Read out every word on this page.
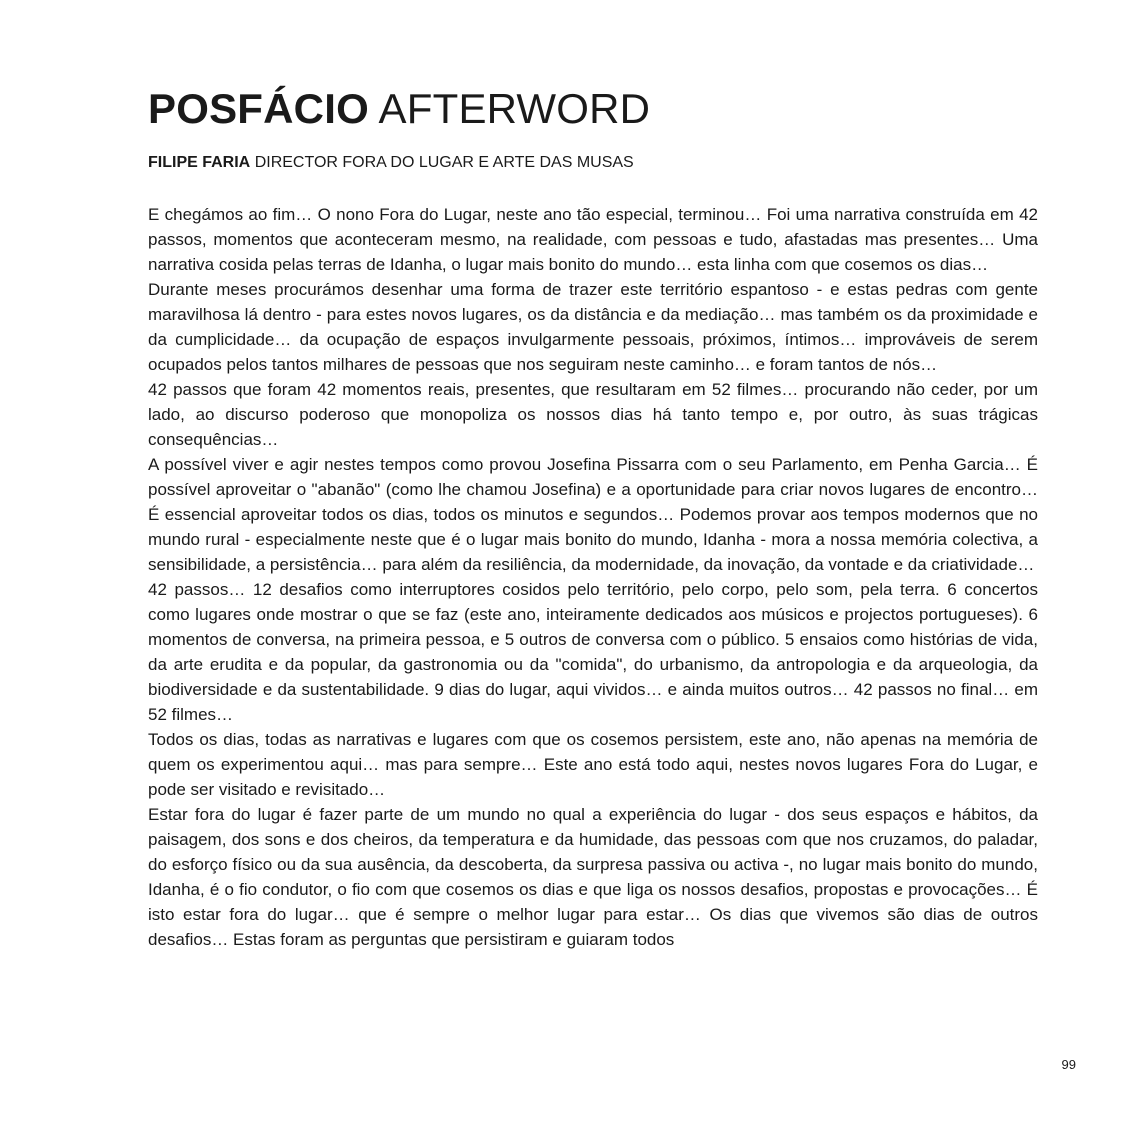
POSFÁCIO AFTERWORD
FILIPE FARIA DIRECTOR FORA DO LUGAR E ARTE DAS MUSAS

E chegámos ao fim… O nono Fora do Lugar, neste ano tão especial, terminou… Foi uma narrativa construída em 42 passos, momentos que aconteceram mesmo, na realidade, com pessoas e tudo, afastadas mas presentes… Uma narrativa cosida pelas terras de Idanha, o lugar mais bonito do mundo… esta linha com que cosemos os dias…

Durante meses procurámos desenhar uma forma de trazer este território espantoso - e estas pedras com gente maravilhosa lá dentro - para estes novos lugares, os da distância e da mediação… mas também os da proximidade e da cumplicidade… da ocupação de espaços invulgarmente pessoais, próximos, íntimos… improváveis de serem ocupados pelos tantos milhares de pessoas que nos seguiram neste caminho… e foram tantos de nós…

42 passos que foram 42 momentos reais, presentes, que resultaram em 52 filmes… procurando não ceder, por um lado, ao discurso poderoso que monopoliza os nossos dias há tanto tempo e, por outro, às suas trágicas consequências…

A possível viver e agir nestes tempos como provou Josefina Pissarra com o seu Parlamento, em Penha Garcia… É possível aproveitar o "abanão" (como lhe chamou Josefina) e a oportunidade para criar novos lugares de encontro… É essencial aproveitar todos os dias, todos os minutos e segundos… Podemos provar aos tempos modernos que no mundo rural - especialmente neste que é o lugar mais bonito do mundo, Idanha - mora a nossa memória colectiva, a sensibilidade, a persistência… para além da resiliência, da modernidade, da inovação, da vontade e da criatividade…

42 passos… 12 desafios como interruptores cosidos pelo território, pelo corpo, pelo som, pela terra. 6 concertos como lugares onde mostrar o que se faz (este ano, inteiramente dedicados aos músicos e projectos portugueses). 6 momentos de conversa, na primeira pessoa, e 5 outros de conversa com o público. 5 ensaios como histórias de vida, da arte erudita e da popular, da gastronomia ou da "comida", do urbanismo, da antropologia e da arqueologia, da biodiversidade e da sustentabilidade. 9 dias do lugar, aqui vividos… e ainda muitos outros… 42 passos no final… em 52 filmes…

Todos os dias, todas as narrativas e lugares com que os cosemos persistem, este ano, não apenas na memória de quem os experimentou aqui… mas para sempre… Este ano está todo aqui, nestes novos lugares Fora do Lugar, e pode ser visitado e revisitado…

Estar fora do lugar é fazer parte de um mundo no qual a experiência do lugar - dos seus espaços e hábitos, da paisagem, dos sons e dos cheiros, da temperatura e da humidade, das pessoas com que nos cruzamos, do paladar, do esforço físico ou da sua ausência, da descoberta, da surpresa passiva ou activa -, no lugar mais bonito do mundo, Idanha, é o fio condutor, o fio com que cosemos os dias e que liga os nossos desafios, propostas e provocações… É isto estar fora do lugar… que é sempre o melhor lugar para estar… Os dias que vivemos são dias de outros desafios… Estas foram as perguntas que persistiram e guiaram todos

99
